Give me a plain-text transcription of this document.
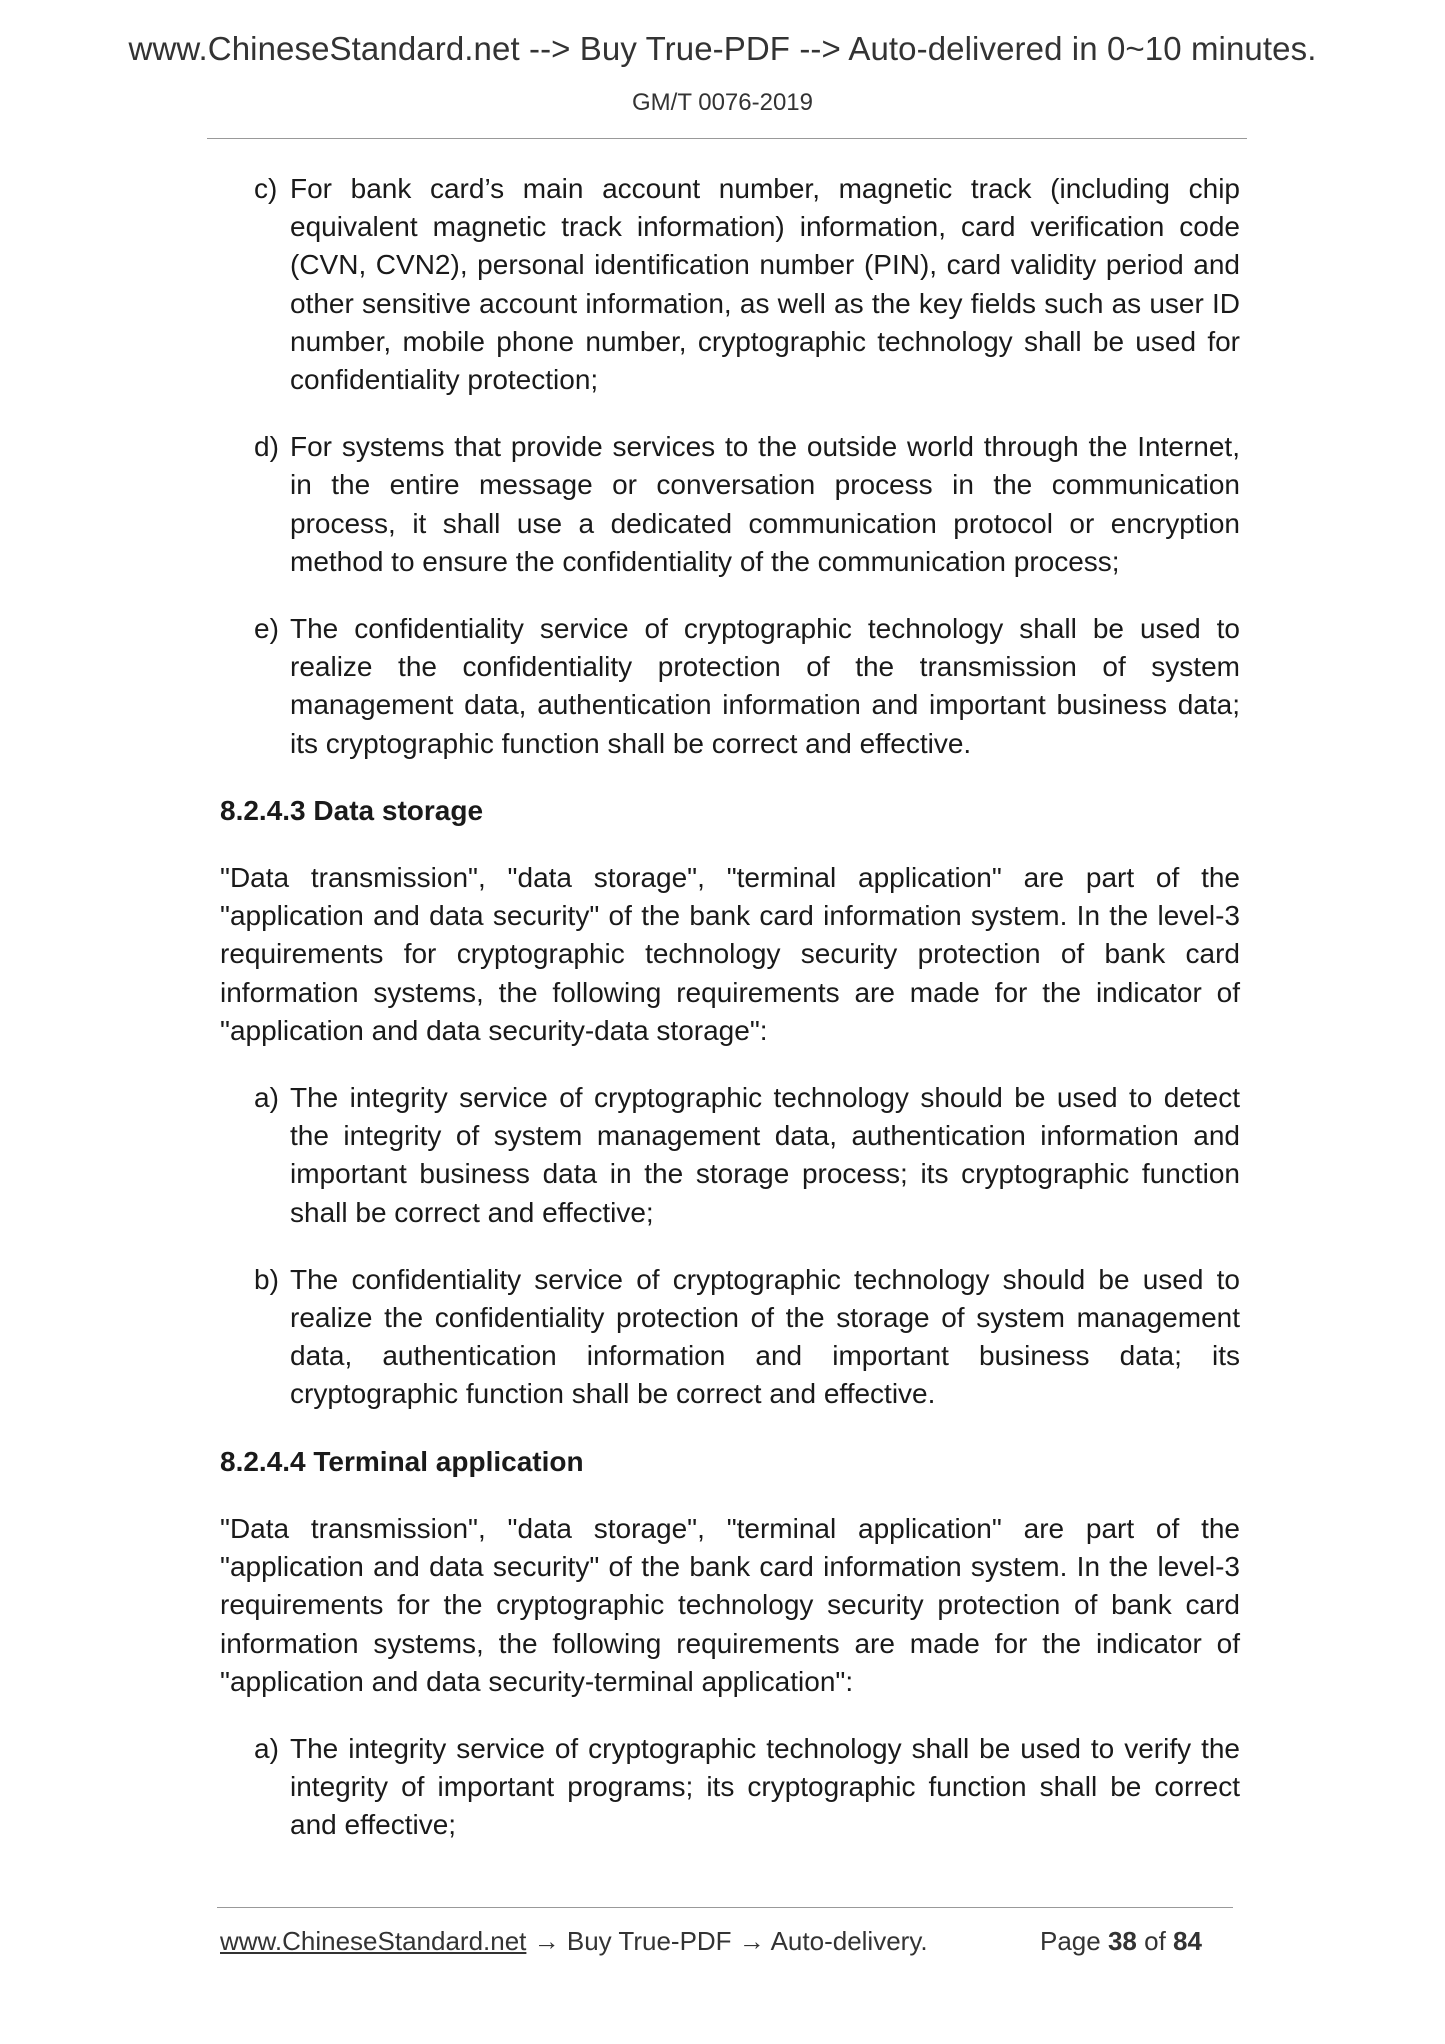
www.ChineseStandard.net --> Buy True-PDF --> Auto-delivered in 0~10 minutes.
GM/T 0076-2019
c) For bank card’s main account number, magnetic track (including chip equivalent magnetic track information) information, card verification code (CVN, CVN2), personal identification number (PIN), card validity period and other sensitive account information, as well as the key fields such as user ID number, mobile phone number, cryptographic technology shall be used for confidentiality protection;
d) For systems that provide services to the outside world through the Internet, in the entire message or conversation process in the communication process, it shall use a dedicated communication protocol or encryption method to ensure the confidentiality of the communication process;
e) The confidentiality service of cryptographic technology shall be used to realize the confidentiality protection of the transmission of system management data, authentication information and important business data; its cryptographic function shall be correct and effective.
8.2.4.3 Data storage
"Data transmission", "data storage", "terminal application" are part of the "application and data security" of the bank card information system. In the level-3 requirements for cryptographic technology security protection of bank card information systems, the following requirements are made for the indicator of "application and data security-data storage":
a) The integrity service of cryptographic technology should be used to detect the integrity of system management data, authentication information and important business data in the storage process; its cryptographic function shall be correct and effective;
b) The confidentiality service of cryptographic technology should be used to realize the confidentiality protection of the storage of system management data, authentication information and important business data; its cryptographic function shall be correct and effective.
8.2.4.4 Terminal application
"Data transmission", "data storage", "terminal application" are part of the "application and data security" of the bank card information system. In the level-3 requirements for the cryptographic technology security protection of bank card information systems, the following requirements are made for the indicator of "application and data security-terminal application":
a) The integrity service of cryptographic technology shall be used to verify the integrity of important programs; its cryptographic function shall be correct and effective;
www.ChineseStandard.net → Buy True-PDF → Auto-delivery.	Page 38 of 84
